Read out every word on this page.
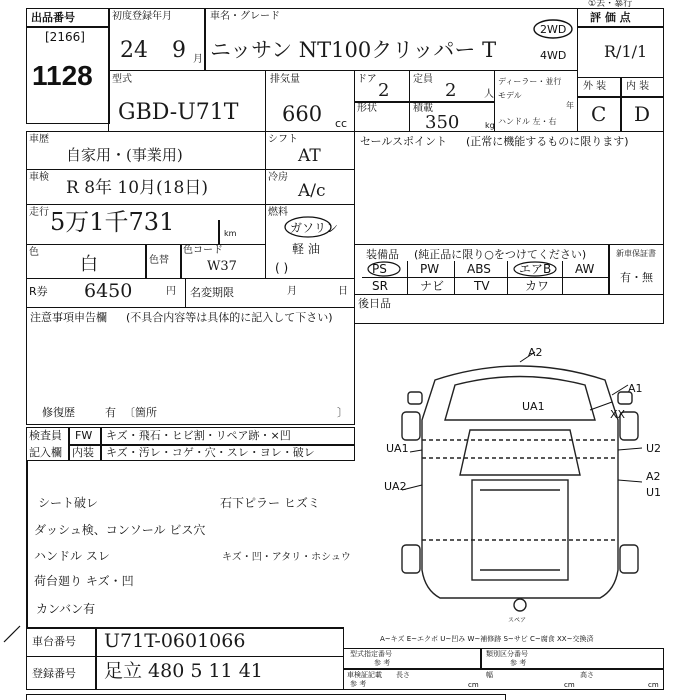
出品番号
[2166]
1128
初度登録年月
24 9 月
車名・グレード
ニッサン NT100クリッパー T
2WD
4WD
①去・暴行
評 価 点
R/1/1
型式
GBD-U71T
排気量
660 cc
ドア
2
定員
2	人
ディーラー・並行
モデル
年
形状	積載
350	kg ハンドル 左・右
外 装 内 装
C D
車歴
自家用・(事業用)
シフト
AT
セールスポイント (正常に機能するものに限ります)
車検
R 8年 10月(18日)
冷房
A/c
走行 5万1千731	km
燃料
ガソリン
軽 油
( )
色
白	色替
色コード
W37
R券 6450	円 名変期限	月	日
注意事項申告欄 (不具合内容等は具体的に記入して下さい)
修復歴	有 〔箇所	〕
装備品 (純正品に限り○をつけてください)	新車保証書
有・無
PS	PW ABS エアB AW
SR	ナビ TV	カワ
後日品
検査員
記入欄
FW
内装
キズ・飛石・ヒビ割・リペア跡・×凹
キズ・汚レ・コゲ・穴・スレ・ヨレ・破レ
シート破レ	石下ピラー ヒズミ
ダッシュ検、コンソール ビス穴
ハンドル スレ	キズ・凹・アタリ・ホシュウ
荷台廻り キズ・凹
カンバン有
A2
A1
UA1
XX
UA1	U2
UA2
A2
U1
スペア
A~キズ E~エクボ U~凹み W~補修跡 S~サビ C~腐食 XX~交換済
車台番号 U71T-0601066
登録番号 足立 480 5 11 41
型式指定番号
参 考
類別区分番号
参 考
車検証記載
参 考
長さ
cm
幅
cm
高さ
cm
